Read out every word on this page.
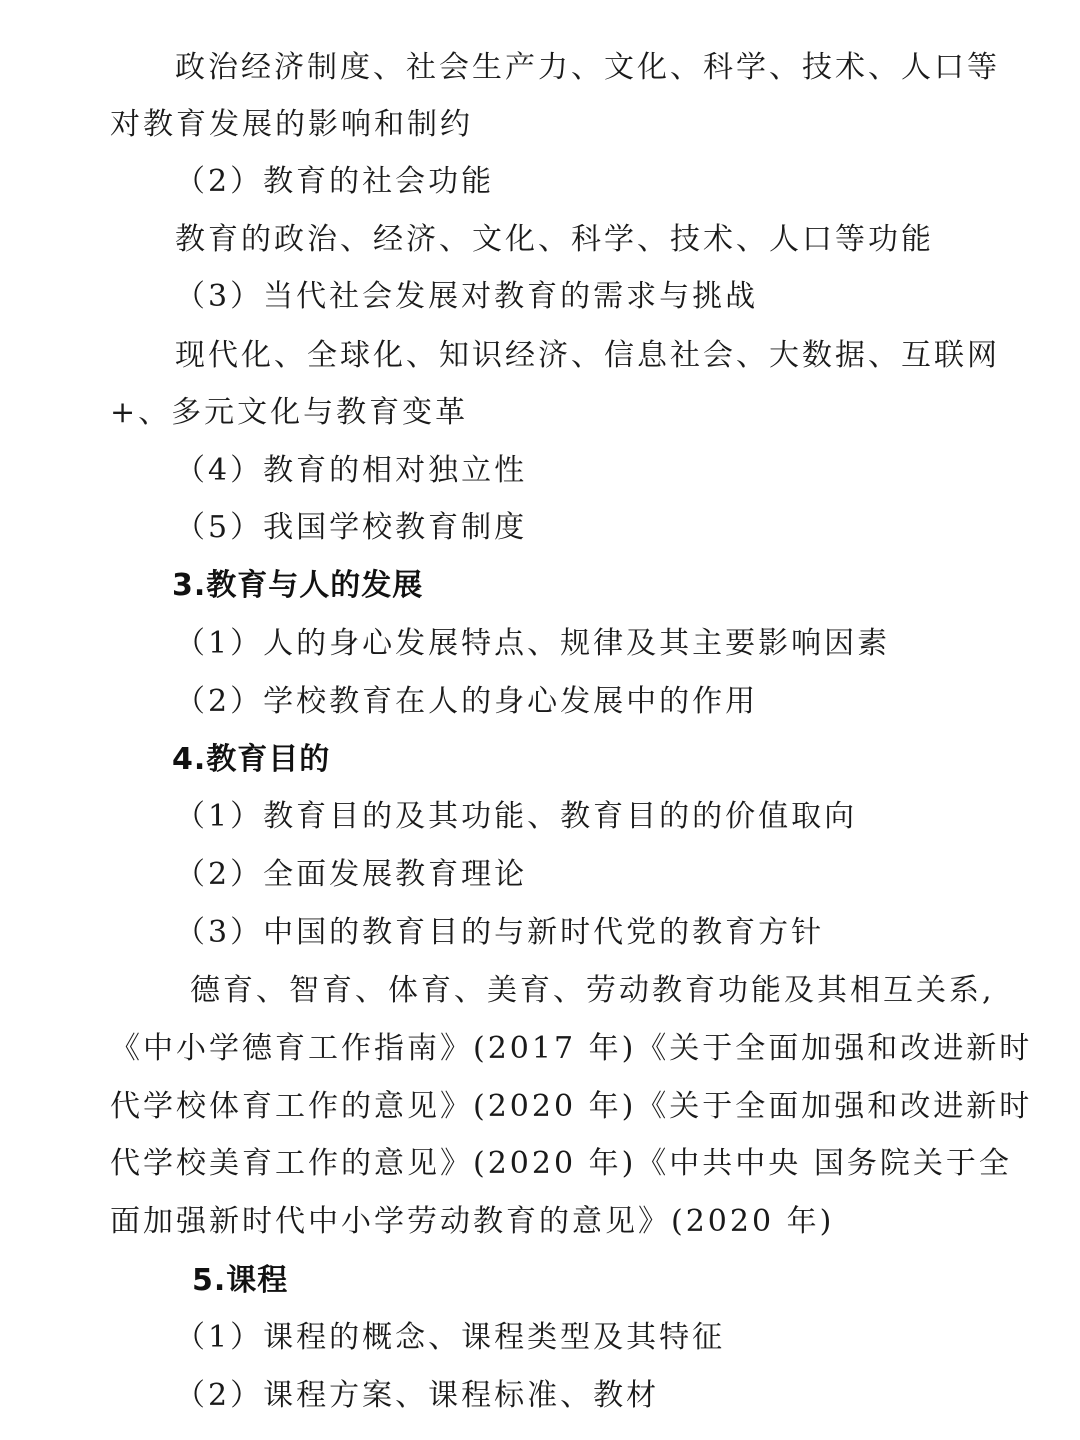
政治经济制度、社会生产力、文化、科学、技术、人口等
对教育发展的影响和制约
（2）教育的社会功能
教育的政治、经济、文化、科学、技术、人口等功能
（3）当代社会发展对教育的需求与挑战
现代化、全球化、知识经济、信息社会、大数据、互联网
+、多元文化与教育变革
（4）教育的相对独立性
（5）我国学校教育制度
3.教育与人的发展
（1）人的身心发展特点、规律及其主要影响因素
（2）学校教育在人的身心发展中的作用
4.教育目的
（1）教育目的及其功能、教育目的的价值取向
（2）全面发展教育理论
（3）中国的教育目的与新时代党的教育方针
德育、智育、体育、美育、劳动教育功能及其相互关系,
《中小学德育工作指南》(2017 年)《关于全面加强和改进新时
代学校体育工作的意见》(2020 年)《关于全面加强和改进新时
代学校美育工作的意见》(2020 年)《中共中央 国务院关于全
面加强新时代中小学劳动教育的意见》(2020 年)
5.课程
（1）课程的概念、课程类型及其特征
（2）课程方案、课程标准、教材
